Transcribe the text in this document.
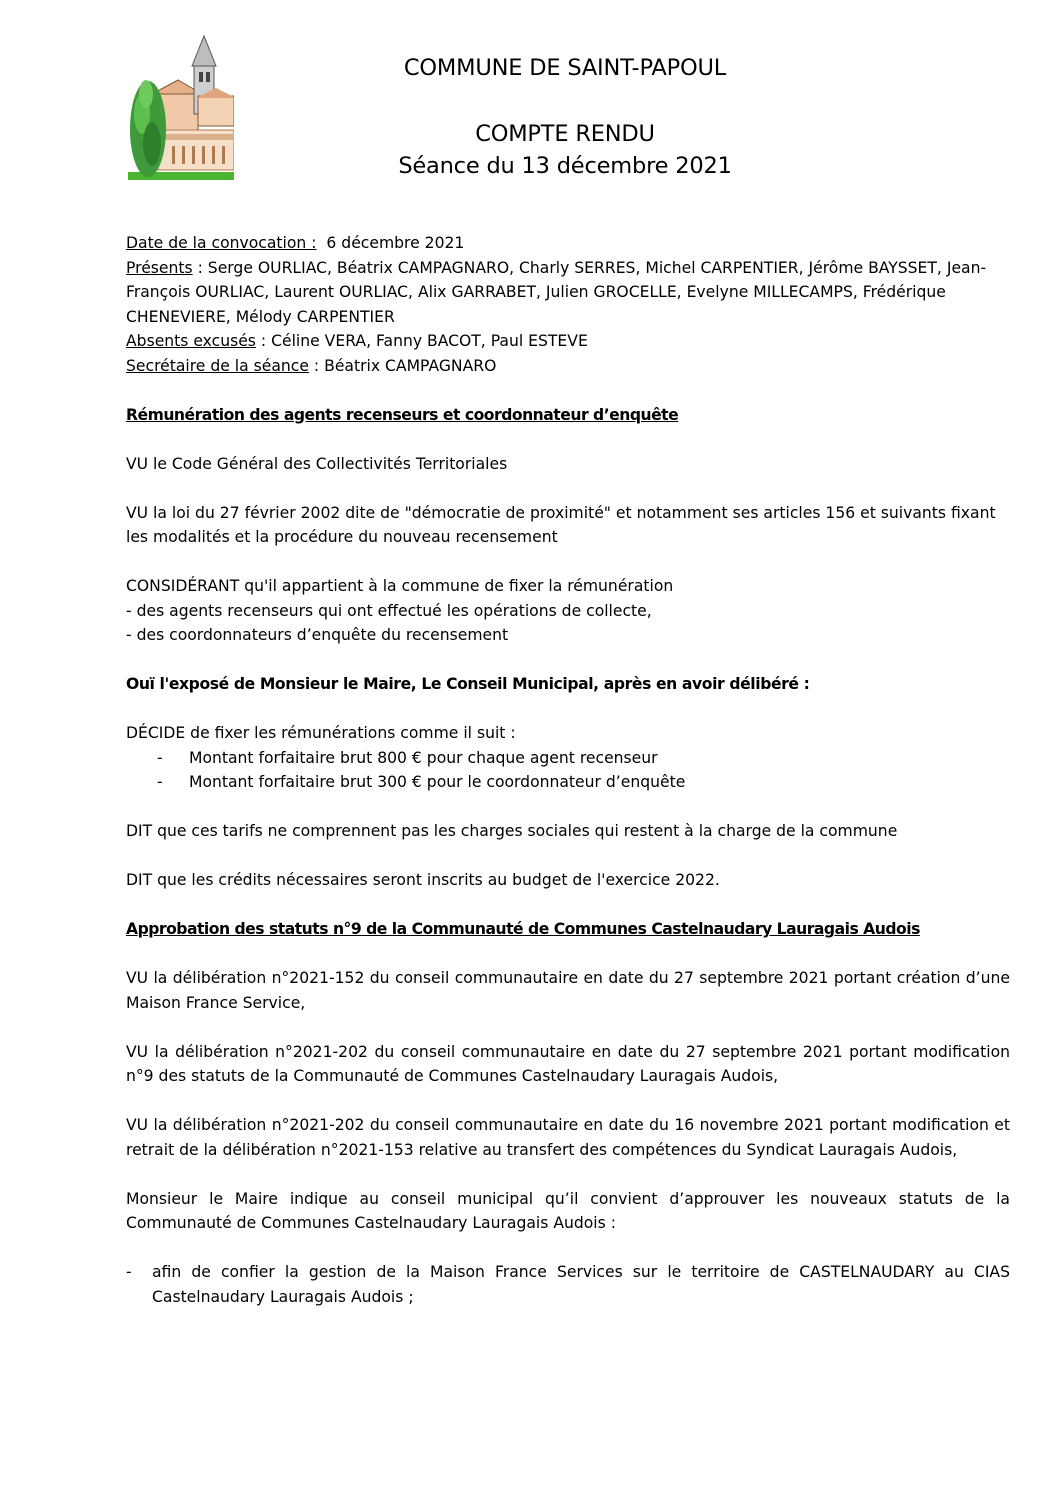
COMMUNE DE SAINT-PAPOUL
COMPTE RENDU
Séance du 13 décembre 2021

Date de la convocation :  6 décembre 2021

Présents : Serge OURLIAC, Béatrix CAMPAGNARO, Charly SERRES, Michel CARPENTIER, Jérôme BAYSSET, Jean-François OURLIAC, Laurent OURLIAC, Alix GARRABET, Julien GROCELLE, Evelyne MILLECAMPS, Frédérique CHENEVIERE, Mélody CARPENTIER

Absents excusés : Céline VERA, Fanny BACOT, Paul ESTEVE

Secrétaire de la séance : Béatrix CAMPAGNARO

Rémunération des agents recenseurs et coordonnateur d’enquête

VU le Code Général des Collectivités Territoriales

VU la loi du 27 février 2002 dite de "démocratie de proximité" et notamment ses articles 156 et suivants fixant les modalités et la procédure du nouveau recensement

CONSIDÉRANT qu'il appartient à la commune de fixer la rémunération

- des agents recenseurs qui ont effectué les opérations de collecte,

- des coordonnateurs d’enquête du recensement

Ouï l'exposé de Monsieur le Maire, Le Conseil Municipal, après en avoir délibéré :

DÉCIDE de fixer les rémunérations comme il suit :

- Montant forfaitaire brut 800 € pour chaque agent recenseur
- Montant forfaitaire brut 300 € pour le coordonnateur d’enquête

DIT que ces tarifs ne comprennent pas les charges sociales qui restent à la charge de la commune

DIT que les crédits nécessaires seront inscrits au budget de l'exercice 2022.

Approbation des statuts n°9 de la Communauté de Communes Castelnaudary Lauragais Audois

VU la délibération n°2021-152 du conseil communautaire en date du 27 septembre 2021 portant création d’une Maison France Service,

VU la délibération n°2021-202 du conseil communautaire en date du 27 septembre 2021 portant modification n°9 des statuts de la Communauté de Communes Castelnaudary Lauragais Audois,

VU la délibération n°2021-202 du conseil communautaire en date du 16 novembre 2021 portant modification et retrait de la délibération n°2021-153 relative au transfert des compétences du Syndicat Lauragais Audois,

Monsieur le Maire indique au conseil municipal qu’il convient d’approuver les nouveaux statuts de la Communauté de Communes Castelnaudary Lauragais Audois :

- afin de confier la gestion de la Maison France Services sur le territoire de CASTELNAUDARY au CIAS Castelnaudary Lauragais Audois ;
